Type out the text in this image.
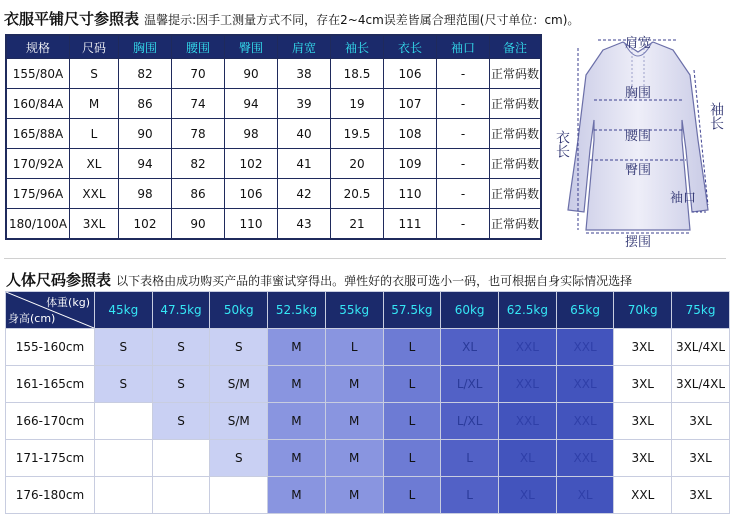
衣服平铺尺寸参照表 温馨提示:因手工测量方式不同，存在2~4cm误差皆属合理范围(尺寸单位：cm)。
规格	尺码	胸围	腰围	臀围	肩宽	袖长	衣长	袖口	备注
155/80A	S	82	70	90	38	18.5	106	-	正常码数
160/84A	M	86	74	94	39	19	107	-	正常码数
165/88A	L	90	78	98	40	19.5	108	-	正常码数
170/92A	XL	94	82	102	41	20	109	-	正常码数
175/96A	XXL	98	86	106	42	20.5	110	-	正常码数
180/100A	3XL	102	90	110	43	21	111	-	正常码数
肩宽
胸围
腰围
臀围
摆围
袖口
衣长
袖长
人体尺码参照表 以下表格由成功购买产品的菲蜜试穿得出。弹性好的衣服可选小一码，也可根据自身实际情况选择
体重(kg)
身高(cm)	45kg	47.5kg	50kg	52.5kg	55kg	57.5kg	60kg	62.5kg	65kg	70kg	75kg
155-160cm	S	S	S	M	L	L	XL	XXL	XXL	3XL	3XL/4XL
161-165cm	S	S	S/M	M	M	L	L/XL	XXL	XXL	3XL	3XL/4XL
166-170cm		S	S/M	M	M	L	L/XL	XXL	XXL	3XL	3XL
171-175cm			S	M	M	L	L	XL	XXL	3XL	3XL
176-180cm				M	M	L	L	XL	XL	XXL	3XL
